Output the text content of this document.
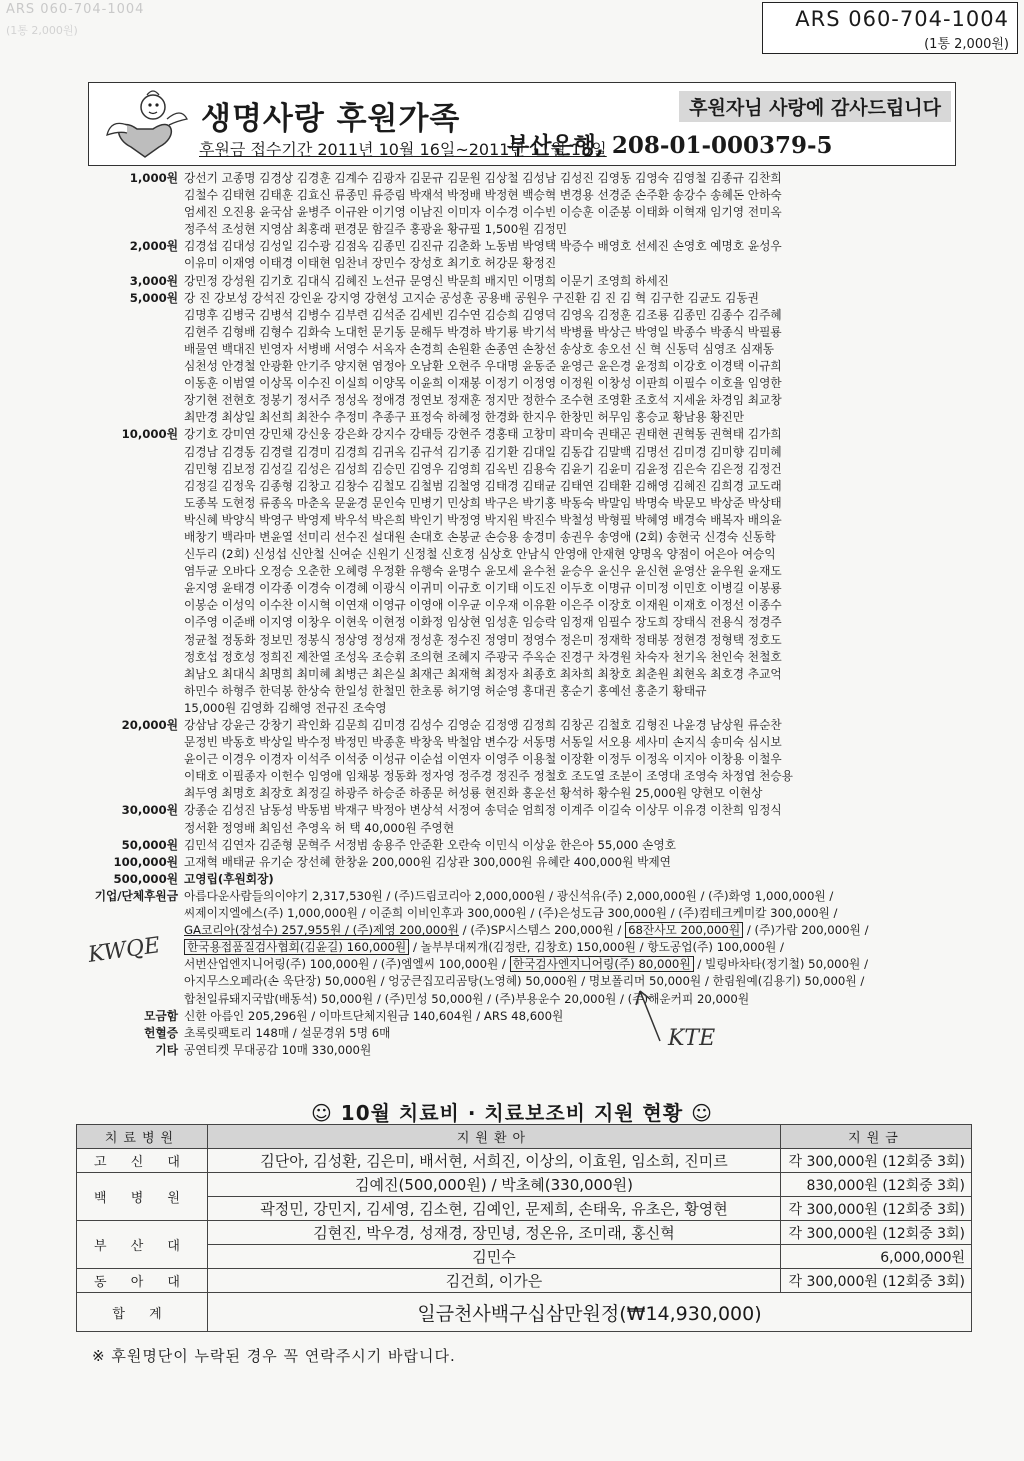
ARS 060-704-1004
(1통 2,000원)	ARS 060-704-1004
(1통 2,000원)
생명사랑 후원가족	후원자님 사랑에 감사드립니다
후원금 접수기간 2011년 10월 16일~2011년 11월 15일
부산은행, 208-01-000379-5
1,000원 강선기 고종명 김경상 김경훈 김계수 김광자 김문규 김문원 김상철 김성남 김성진 김영동 김영숙 김영철 김종규 김찬희

김철수 김태현 김태훈 김효신 류종민 류증림 박재석 박정배 박정현 백승혁 변경용 선경준 손주환 송강수 송혜돈 안하숙

엄세진 오진용 윤국삼 윤병주 이규완 이기영 이남진 이미자 이수경 이수빈 이승훈 이준봉 이태화 이혁재 임기영 전미옥

정주석 조성현 지영삼 최홍래 편경문 함길주 홍광윤 황규필 1,500원 김정민

2,000원 김경섭 김대성 김성일 김수광 김점옥 김종민 김진규 김춘화 노동범 박영택 박증수 배영호 선세진 손영호 예명호 윤성우

이유미 이재영 이태경 이태현 임찬녀 장민수 장성호 최기호 허강문 황정진

3,000원 강민정 강성원 김기호 김대식 김혜진 노선규 문영신 박문희 배지민 이명희 이문기 조영희 하세진

5,000원 강 진 강보성 강석진 강인윤 강지영 강현성 고지순 공성훈 공용배 공원우 구진환 김 진 김 혁 김구한 김균도 김동권

김명후 김병국 김병석 김병수 김부련 김석준 김세빈 김수연 김승희 김영덕 김영옥 김정훈 김조룡 김종민 김종수 김주혜

김현주 김형배 김형수 김화숙 노대헌 문기동 문해두 박경하 박기룡 박기석 박병률 박상근 박영일 박종수 박종식 박필룡

배물연 백대진 빈영자 서병배 서영수 서옥자 손경희 손원환 손종연 손창선 송상호 송오선 신 혁 신동덕 심영조 심재동

심천성 안경철 안광환 안기주 양지현 염정아 오남환 오현주 우대명 윤동준 윤영근 윤은경 윤정희 이강호 이경택 이규희

이동훈 이범열 이상목 이수진 이실희 이양목 이윤희 이재봉 이정기 이정영 이정원 이창성 이판희 이필수 이호율 임영한

장기현 전현호 정봉기 정서주 정성옥 정애경 정연보 정재훈 정지만 정한수 조수현 조영환 조호석 지세윤 차경임 최교창

최만경 최상일 최선희 최찬수 추정미 추종구 표정숙 하혜정 한경화 한지우 한창민 허무임 홍승교 황남용 황진만

10,000원 강기호 강미연 강민채 강신웅 강은화 강지수 강태등 강현주 경홍태 고창미 곽미숙 권태곤 권태현 권혁동 권혁태 김가희

김경남 김경동 김경렬 김경미 김경희 김귀옥 김규석 김기종 김기환 김대일 김동갑 김말백 김명선 김미경 김미향 김미혜

김민형 김보정 김성길 김성은 김성희 김승민 김영우 김영희 김옥빈 김용숙 김윤기 김윤미 김윤정 김은숙 김은정 김정건

김정길 김정욱 김종형 김창고 김창수 김철모 김철범 김철영 김태경 김태균 김태연 김태환 김해영 김혜진 김희경 교도래

도종복 도현정 류종옥 마춘옥 문윤경 문인숙 민병기 민상희 박구은 박기홍 박동숙 박말임 박명숙 박문모 박상준 박상태

박신혜 박양식 박영구 박영제 박우석 박은희 박인기 박정영 박지원 박진수 박철성 박형필 박혜영 배경숙 배복자 배의윤

배창기 백라마 변윤열 선미리 선수진 설대원 손대호 손봉균 손승용 송경미 송권우 송영애 (2회) 송현국 신경숙 신동학

신두리 (2회) 신성섭 신안철 신여순 신원기 신정철 신호정 심상호 안남식 안영애 안재현 양명옥 양점이 어은아 여승익

염두균 오바다 오정승 오춘한 오혜령 우정환 유행숙 윤명수 윤모세 윤수천 윤승우 윤신우 윤신현 윤영산 윤우원 윤재도

윤지영 윤태경 이각종 이경숙 이경혜 이광식 이귀미 이규호 이기태 이도진 이두호 이명규 이미정 이민호 이병길 이봉룡

이봉순 이성익 이수찬 이시혁 이연재 이영규 이영애 이우균 이우재 이유환 이은주 이장호 이재원 이재호 이정선 이종수

이주영 이준배 이지영 이창우 이현욱 이현정 이화정 임상현 임성훈 임승락 임정재 임필수 장도희 장태식 전용식 정경주

정균철 정동화 정보민 정봉식 정상영 정성재 정성훈 정수진 정영미 정영수 정은미 정재학 정태봉 정현경 정형택 정호도

정호섭 정호성 정희진 제찬열 조성옥 조승휘 조의현 조혜지 주광국 주옥순 진경구 차경원 차숙자 천기옥 천인숙 천철호

최남오 최대식 최명희 최미혜 최병근 최은실 최재근 최재혁 최정자 최종호 최차희 최창호 최춘원 최현옥 최호경 추교억

하민수 하형주 한덕봉 한상숙 한일성 한철민 한초롱 허기영 허순영 홍대권 홍순기 홍예선 홍춘기 황태규

15,000원 김영화 김해영 전규진 조숙영
20,000원 강삼남 강윤근 강창기 곽인화 김문희 김미경 김성수 김영순 김정앵 김정희 김창곤 김철호 김형진 나윤경 남상원 류순찬

문정빈 박동호 박상일 박수정 박정민 박종훈 박창욱 박철암 변수강 서동명 서동일 서오용 세사미 손지식 송미숙 심시보

윤이근 이경우 이경자 이석주 이석중 이성규 이순섭 이연자 이영주 이용철 이장환 이정두 이정옥 이지아 이창용 이철우

이태호 이필종자 이헌수 임영애 임채봉 정동화 정자영 정주경 정진주 정철호 조도열 조분이 조영대 조영숙 차정엽 천승용

최두영 최명호 최장호 최정길 하광주 하승준 하종문 허성룡 현진화 홍운선 황석하 황수원 25,000원 양현모 이현상

30,000원 강종순 김성진 남동성 박동범 박재구 박정아 변상석 서정여 송덕순 엄희정 이계주 이길숙 이상무 이유경 이찬희 임정식

정서환 정영배 최임선 추영옥 허 택 40,000원 주영현

50,000원 김민석 김연자 김준형 문혁주 서정범 송용주 안준환 오란숙 이민식 이상윤 한은아 55,000 손영호

100,000원 고재혁 배태균 유기순 장선혜 한창윤 200,000원 김상관 300,000원 유혜란 400,000원 박제연

500,000원 고영립(후원회장)

기업/단체후원금 아름다운사람들의이야기 2,317,530원 / (주)드림코리아 2,000,000원 / 광신석유(주) 2,000,000원 / (주)화영 1,000,000원 /

씨제이지엘에스(주) 1,000,000원 / 이준희 이비인후과 300,000원 / (주)은성도금 300,000원 / (주)컴테크케미칼 300,000원 /

GA코리아(장성수) 257,955원 / (주)제영 200,000원 / (주)SP시스템스 200,000원 / 68잔사모 200,000원 / (주)가람 200,000원 /

한국용접품질검사협회(김윤길) 160,000원 / 놀부부대찌개(김정란, 김창호) 150,000원 / 항도공업(주) 100,000원 /

서번산업엔지니어링(주) 100,000원 / (주)엠엘씨 100,000원 / 한국검사엔지니어링(주) 80,000원 / 빌링바차타(정기철) 50,000원 /

아지무스오페라(손 욱단장) 50,000원 / 엉궁큰집꼬리곰탕(노영혜) 50,000원 / 명보폴리머 50,000원 / 한림원예(김용기) 50,000원 /

합천일류돼지국밥(배동석) 50,000원 / (주)민성 50,000원 / (주)부용운수 20,000원 / (주)해운커피 20,000원

모금함 신한 아름인 205,296원 / 이마트단체지원금 140,604원 / ARS 48,600원
헌혈증 초록릿팩토리 148매 / 설문경위 5명 6매
기타 공연티켓 무대공감 10매 330,000원
KWQE
KTE
☺ 10월 치료비 · 치료보조비 지원 현황 ☺
치료병원	지원환아	지원금
고 신 대	김단아, 김성환, 김은미, 배서현, 서희진, 이상의, 이효원, 임소희, 진미르	각 300,000원 (12회중 3회)
백 병 원	김예진(500,000원) / 박초혜(330,000원)	830,000원 (12회중 3회)
	곽정민, 강민지, 김세영, 김소현, 김예인, 문제희, 손태욱, 유초은, 황영현	각 300,000원 (12회중 3회)
부 산 대	김현진, 박우경, 성재경, 장민녕, 정온유, 조미래, 홍신혁	각 300,000원 (12회중 3회)
	김민수	6,000,000원
동 아 대	김건희, 이가은	각 300,000원 (12회중 3회)
합 계	일금천사백구십삼만원정(₩14,930,000)	
※ 후원명단이 누락된 경우 꼭 연락주시기 바랍니다.
